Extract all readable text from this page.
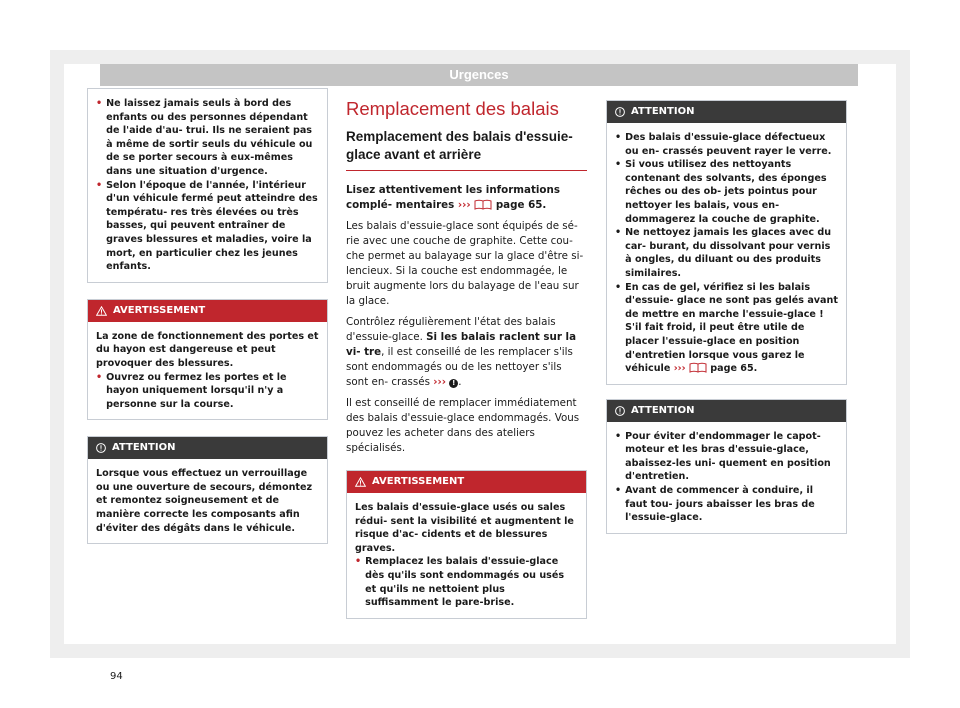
Urgences
• Ne laissez jamais seuls à bord des enfants ou des personnes dépendant de l'aide d'au- trui. Ils ne seraient pas à même de sortir seuls du véhicule ou de se porter secours à eux-mêmes dans une situation d'urgence.

• Selon l'époque de l'année, l'intérieur d'un véhicule fermé peut atteindre des températu- res très élevées ou très basses, qui peuvent entraîner de graves blessures et maladies, voire la mort, en particulier chez les jeunes enfants.

AVERTISSEMENT

La zone de fonctionnement des portes et du hayon est dangereuse et peut provoquer des blessures.

• Ouvrez ou fermez les portes et le hayon uniquement lorsqu'il n'y a personne sur la course.

ATTENTION

Lorsque vous effectuez un verrouillage ou une ouverture de secours, démontez et remontez soigneusement et de manière correcte les composants afin d'éviter des dégâts dans le véhicule.

Remplacement des balais
Remplacement des balais d'essuie-glace avant et arrière

Lisez attentivement les informations complé- mentaires ››› page 65.

Les balais d'essuie-glace sont équipés de sé- rie avec une couche de graphite. Cette cou- che permet au balayage sur la glace d'être si- lencieux. Si la couche est endommagée, le bruit augmente lors du balayage de l'eau sur la glace.

Contrôlez régulièrement l'état des balais d'essuie-glace. Si les balais raclent sur la vi- tre, il est conseillé de les remplacer s'ils sont endommagés ou de les nettoyer s'ils sont en- crassés ››› ! .

Il est conseillé de remplacer immédiatement des balais d'essuie-glace endommagés. Vous pouvez les acheter dans des ateliers spécialisés.

AVERTISSEMENT

Les balais d'essuie-glace usés ou sales rédui- sent la visibilité et augmentent le risque d'ac- cidents et de blessures graves.

• Remplacez les balais d'essuie-glace dès qu'ils sont endommagés ou usés et qu'ils ne nettoient plus suffisamment le pare-brise.

ATTENTION
• Des balais d'essuie-glace défectueux ou en- crassés peuvent rayer le verre.

• Si vous utilisez des nettoyants contenant des solvants, des éponges rêches ou des ob- jets pointus pour nettoyer les balais, vous en- dommagerez la couche de graphite.

• Ne nettoyez jamais les glaces avec du car- burant, du dissolvant pour vernis à ongles, du diluant ou des produits similaires.

• En cas de gel, vérifiez si les balais d'essuie- glace ne sont pas gelés avant de mettre en marche l'essuie-glace ! S'il fait froid, il peut être utile de placer l'essuie-glace en position d'entretien lorsque vous garez le véhicule ›››	page 65.

ATTENTION
• Pour éviter d'endommager le capot-moteur et les bras d'essuie-glace, abaissez-les uni- quement en position d'entretien.

• Avant de commencer à conduire, il faut tou- jours abaisser les bras de l'essuie-glace.

94
